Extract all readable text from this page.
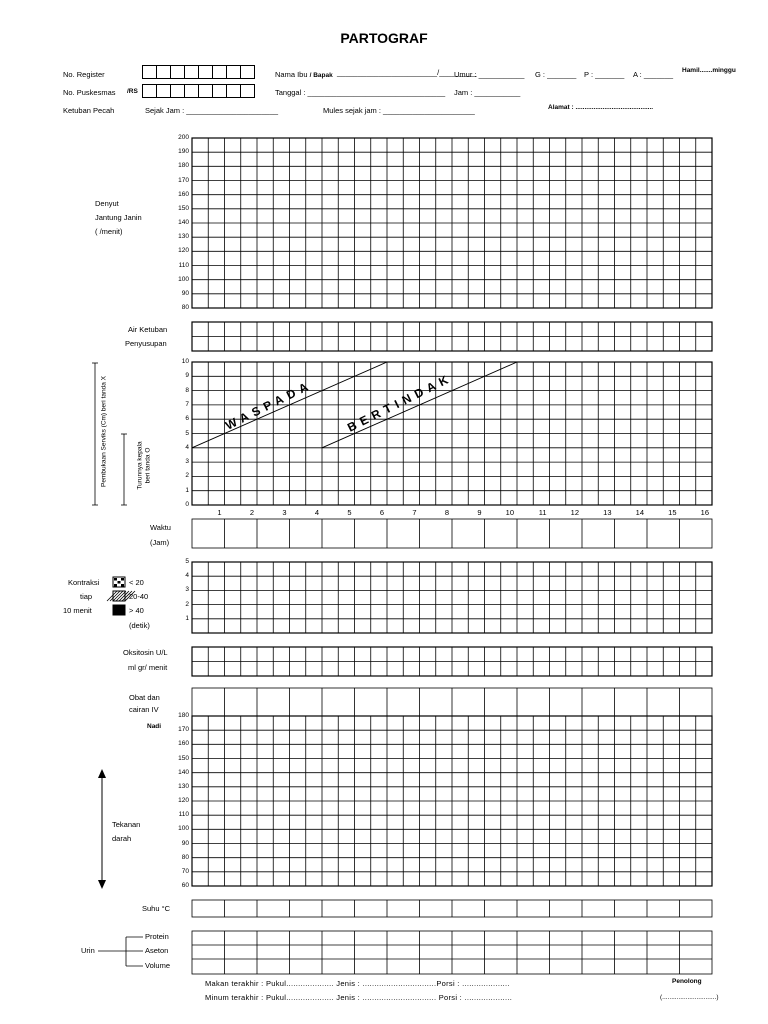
PARTOGRAF
No. Register	Nama Ibu / Bapak ________________________/_________
Umur : ___________ G : _______ P : _______ A : _______ Hamil.......minggu
No. Puskesmas /RS	Tanggal : _________________________________ Jam : ___________
Ketuban Pecah	Sejak Jam : ______________________	Mules sejak jam : ______________________	Alamat : ...........................................
WASPADA	BERTINDAK
Denyut
Jantung Janin
( /menit)
200
190
180
170
160
150
140
130
120
110
100
90
80
Air Ketuban
Penyusupan
Pembukaan Serviks (Cm) beri tanda X	Turunnya kepala beri tanda O
10
9
8
7
6
5
4
3
2
1
0
1	2	3	4	5	6	7	8	9	10	11	12	13	14	15	16
Waktu
(Jam)
Kontraksi
tiap
10 menit
< 20
20-40
> 40
(detik)
5
4
3
2
1
Oksitosin U/L
ml gr/ menit
Obat dan
cairan IV
Nadi
Tekanan
darah
180
170
160
150
140
130
120
110
100
90
80
70
60
Suhu °C
Urin
Protein
Aseton
Volume
Makan terakhir : Pukul.................... Jenis : ...............................Porsi : ....................
Minum terakhir : Pukul.................... Jenis : ............................... Porsi : ....................
Penolong
(..............................)
